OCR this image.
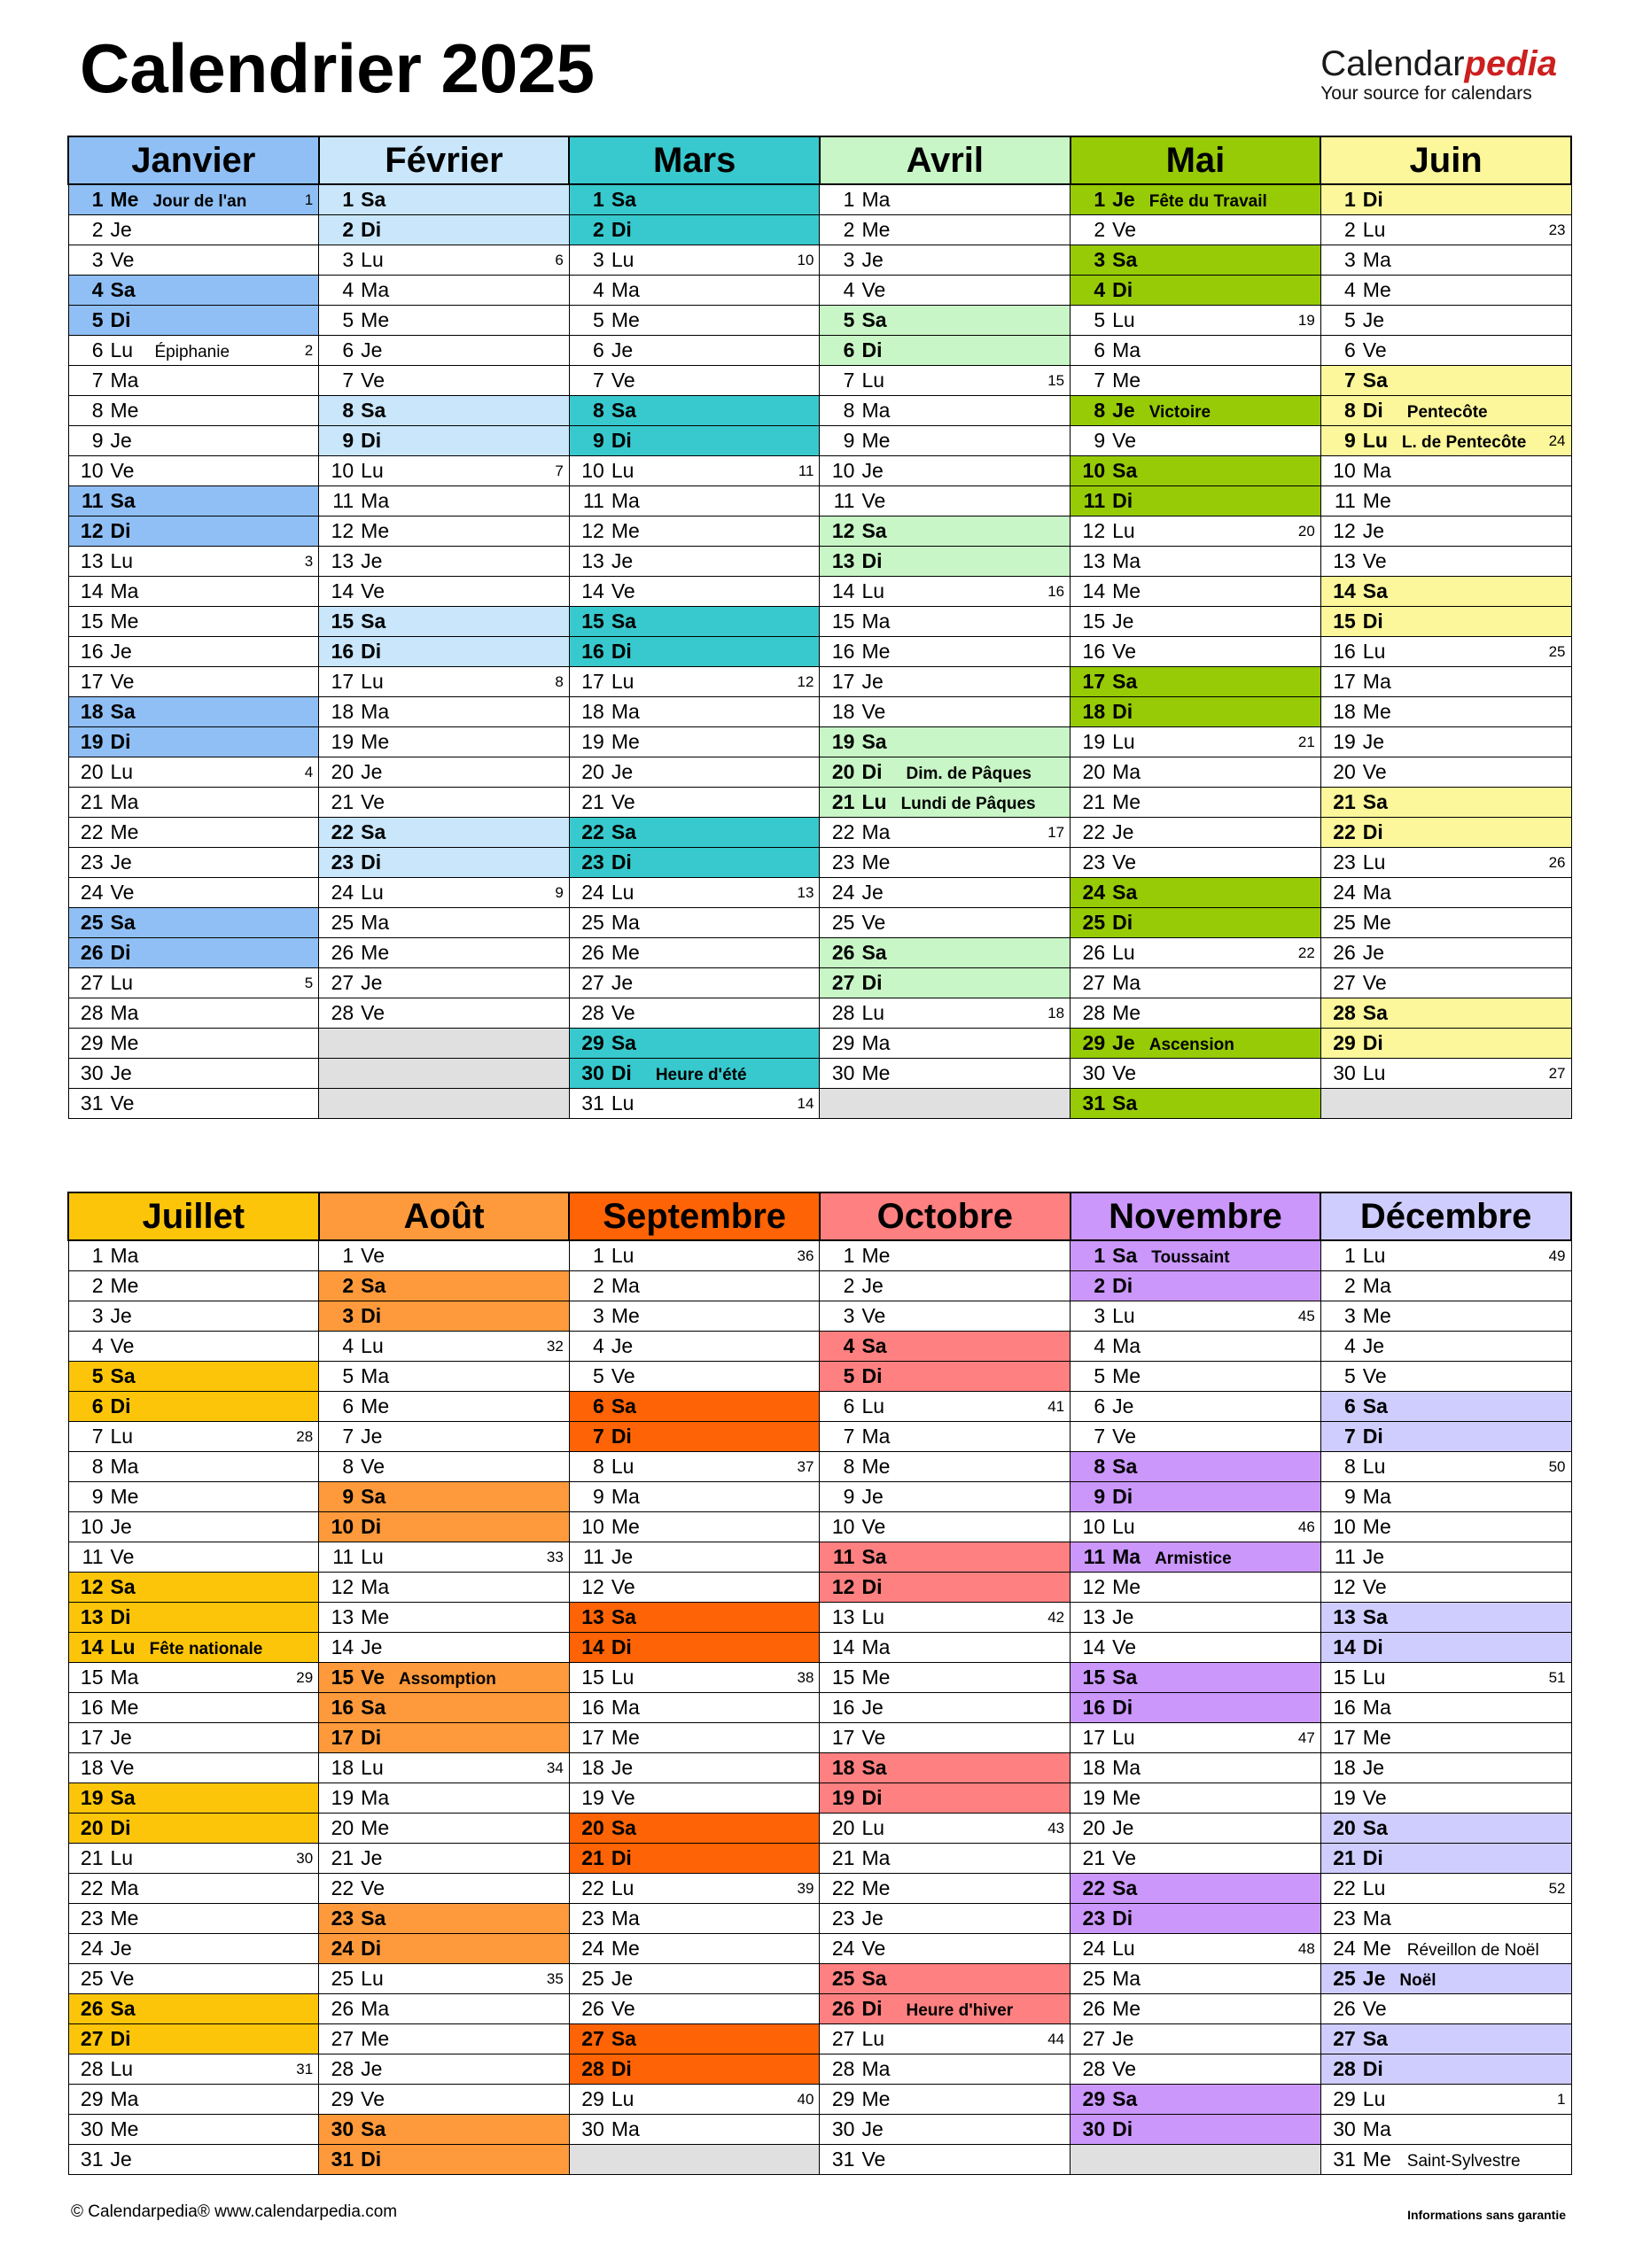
Calendrier 2025	Calendarpedia
Your source for calendars
Janvier	Février	Mars	Avril	Mai	Juin
1 Me Jour de l'an 1	1 Sa	1 Sa	1 Ma	1 Je Fête du Travail	1 Di
2 Je	2 Di	2 Di	2 Me	2 Ve	2 Lu 23

3 Ve	3 Lu 6	3 Lu 10	3 Je	3 Sa	3 Ma
4 Sa	4 Ma	4 Ma	4 Ve	4 Di	4 Me
5 Di	5 Me	5 Me	5 Sa	5 Lu 19	5 Je
6 Lu Épiphanie 2	6 Je	6 Je	6 Di	6 Ma	6 Ve
7 Ma	7 Ve	7 Ve	7 Lu 15	7 Me	7 Sa
8 Me	8 Sa	8 Sa	8 Ma	8 Je Victoire	8 Di Pentecôte
9 Je	9 Di	9 Di	9 Me	9 Ve	9 Lu L. de Pentecôte 24

10 Ve	10 Lu 7	10 Lu 11	10 Je	10 Sa	10 Ma
11 Sa	11 Ma	11 Ma	11 Ve	11 Di	11 Me
12 Di	12 Me	12 Me	12 Sa	12 Lu 20	12 Je
13 Lu 3	13 Je	13 Je	13 Di	13 Ma	13 Ve
14 Ma	14 Ve	14 Ve	14 Lu 16	14 Me	14 Sa
15 Me	15 Sa	15 Sa	15 Ma	15 Je	15 Di
16 Je	16 Di	16 Di	16 Me	16 Ve	16 Lu 25

17 Ve	17 Lu 8	17 Lu 12	17 Je	17 Sa	17 Ma
18 Sa	18 Ma	18 Ma	18 Ve	18 Di	18 Me
19 Di	19 Me	19 Me	19 Sa	19 Lu 21	19 Je
20 Lu 4	20 Je	20 Je	20 Di Dim. de Pâques	20 Ma	20 Ve
21 Ma	21 Ve	21 Ve	21 Lu Lundi de Pâques	21 Me	21 Sa
22 Me	22 Sa	22 Sa	22 Ma 17	22 Je	22 Di
23 Je	23 Di	23 Di	23 Me	23 Ve	23 Lu 26

24 Ve	24 Lu 9	24 Lu 13	24 Je	24 Sa	24 Ma
25 Sa	25 Ma	25 Ma	25 Ve	25 Di	25 Me
26 Di	26 Me	26 Me	26 Sa	26 Lu 22	26 Je
27 Lu 5	27 Je	27 Je	27 Di	27 Ma	27 Ve
28 Ma	28 Ve	28 Ve	28 Lu 18	28 Me	28 Sa
29 Me		29 Sa	29 Ma	29 Je Ascension	29 Di
30 Je		30 Di Heure d'été	30 Me	30 Ve	30 Lu 27

31 Ve		31 Lu 14		31 Sa	
Juillet	Août	Septembre	Octobre	Novembre	Décembre
1 Ma	1 Ve	1 Lu 36	1 Me	1 Sa Toussaint	1 Lu 49

2 Me	2 Sa	2 Ma	2 Je	2 Di	2 Ma
3 Je	3 Di	3 Me	3 Ve	3 Lu 45	3 Me
4 Ve	4 Lu 32	4 Je	4 Sa	4 Ma	4 Je
5 Sa	5 Ma	5 Ve	5 Di	5 Me	5 Ve
6 Di	6 Me	6 Sa	6 Lu 41	6 Je	6 Sa
7 Lu 28	7 Je	7 Di	7 Ma	7 Ve	7 Di
8 Ma	8 Ve	8 Lu 37	8 Me	8 Sa	8 Lu 50

9 Me	9 Sa	9 Ma	9 Je	9 Di	9 Ma
10 Je	10 Di	10 Me	10 Ve	10 Lu 46	10 Me
11 Ve	11 Lu 33	11 Je	11 Sa	11 Ma Armistice	11 Je
12 Sa	12 Ma	12 Ve	12 Di	12 Me	12 Ve
13 Di	13 Me	13 Sa	13 Lu 42	13 Je	13 Sa
14 Lu Fête nationale	14 Je	14 Di	14 Ma	14 Ve	14 Di
15 Ma 29	15 Ve Assomption	15 Lu 38	15 Me	15 Sa	15 Lu 51

16 Me	16 Sa	16 Ma	16 Je	16 Di	16 Ma
17 Je	17 Di	17 Me	17 Ve	17 Lu 47	17 Me
18 Ve	18 Lu 34	18 Je	18 Sa	18 Ma	18 Je
19 Sa	19 Ma	19 Ve	19 Di	19 Me	19 Ve
20 Di	20 Me	20 Sa	20 Lu 43	20 Je	20 Sa
21 Lu 30	21 Je	21 Di	21 Ma	21 Ve	21 Di
22 Ma	22 Ve	22 Lu 39	22 Me	22 Sa	22 Lu 52

23 Me	23 Sa	23 Ma	23 Je	23 Di	23 Ma
24 Je	24 Di	24 Me	24 Ve	24 Lu 48	24 Me Réveillon de Noël
25 Ve	25 Lu 35	25 Je	25 Sa	25 Ma	25 Je Noël
26 Sa	26 Ma	26 Ve	26 Di Heure d'hiver	26 Me	26 Ve
27 Di	27 Me	27 Sa	27 Lu 44	27 Je	27 Sa
28 Lu 31	28 Je	28 Di	28 Ma	28 Ve	28 Di
29 Ma	29 Ve	29 Lu 40	29 Me	29 Sa	29 Lu 1

30 Me	30 Sa	30 Ma	30 Je	30 Di	30 Ma
31 Je	31 Di		31 Ve		31 Me Saint-Sylvestre
© Calendarpedia® www.calendarpedia.com	Informations sans garantie
